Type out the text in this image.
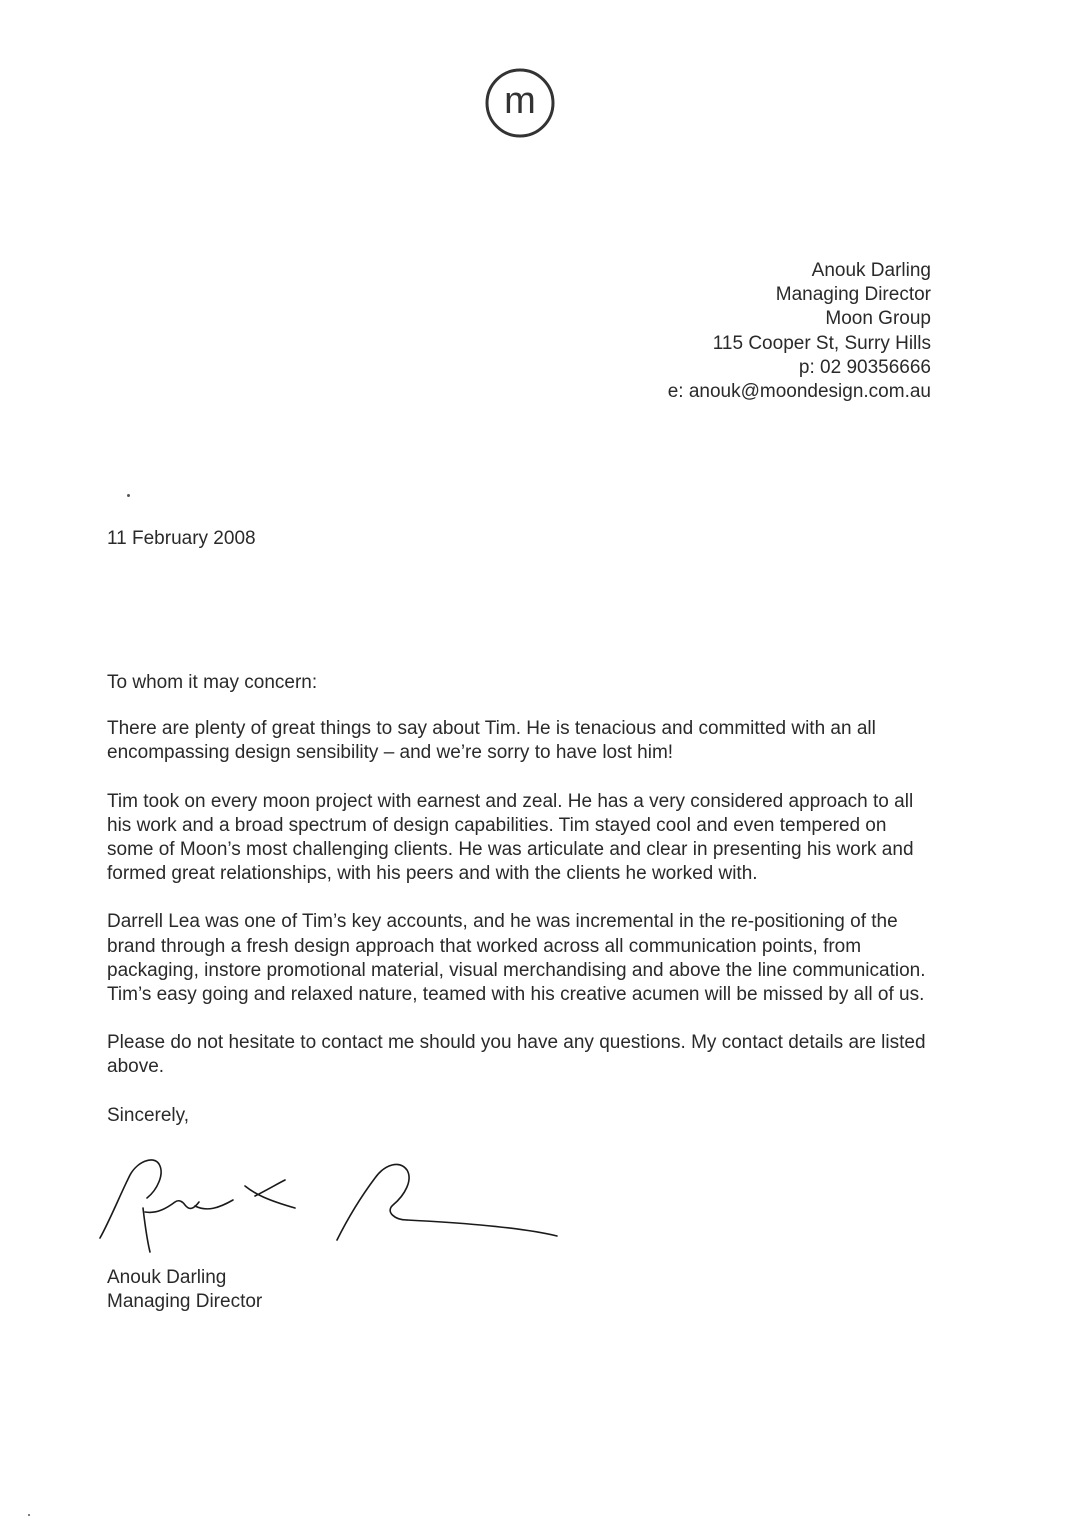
m
Anouk Darling
Managing Director
Moon Group
115 Cooper St, Surry Hills
p: 02 90356666
e: anouk@moondesign.com.au
11 February 2008

To whom it may concern:

There are plenty of great things to say about Tim. He is tenacious and committed with an all encompassing design sensibility – and we’re sorry to have lost him!

Tim took on every moon project with earnest and zeal. He has a very considered approach to all his work and a broad spectrum of design capabilities. Tim stayed cool and even tempered on some of Moon’s most challenging clients. He was articulate and clear in presenting his work and formed great relationships, with his peers and with the clients he worked with.

Darrell Lea was one of Tim’s key accounts, and he was incremental in the re-positioning of the brand through a fresh design approach that worked across all communication points, from packaging, instore promotional material, visual merchandising and above the line communication. Tim’s easy going and relaxed nature, teamed with his creative acumen will be missed by all of us.

Please do not hesitate to contact me should you have any questions. My contact details are listed above.

Sincerely,

Anouk Darling
Managing Director
